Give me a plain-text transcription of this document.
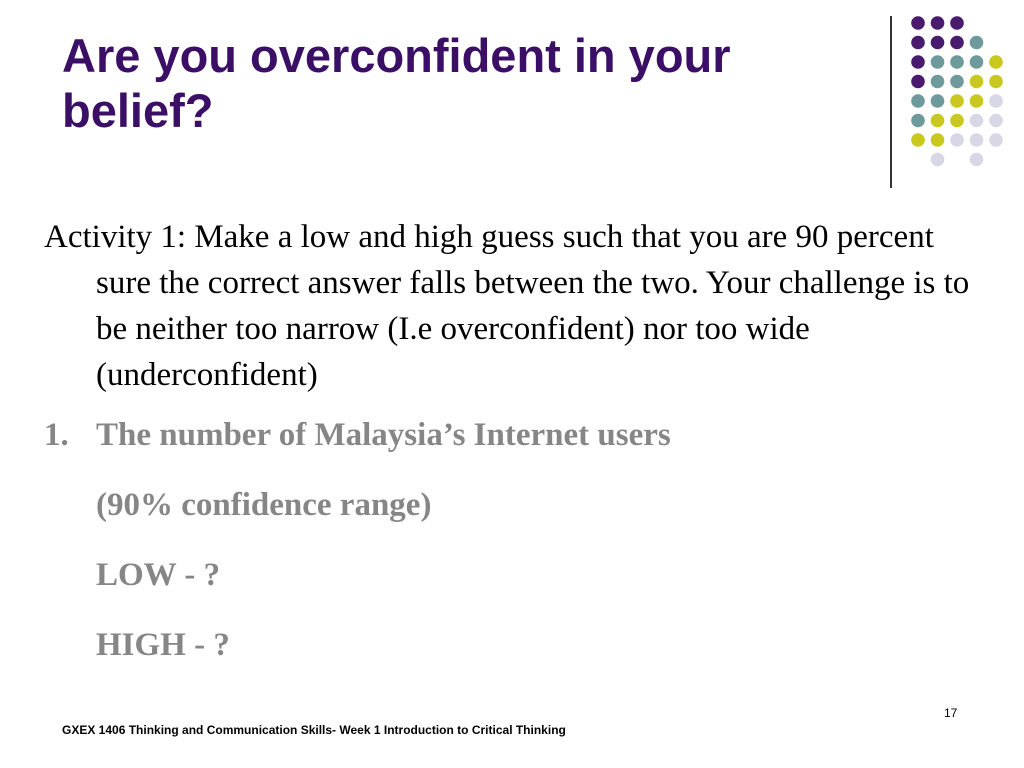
Are you overconfident in your belief?

Activity 1: Make a low and high guess such that you are 90 percent sure the correct answer falls between the two. Your challenge is to be neither too narrow (I.e overconfident) nor too wide (underconfident)

1. The number of Malaysia’s Internet users
(90% confidence range)
LOW - ?
HIGH - ?
17
GXEX 1406 Thinking and Communication Skills- Week 1 Introduction to Critical Thinking
